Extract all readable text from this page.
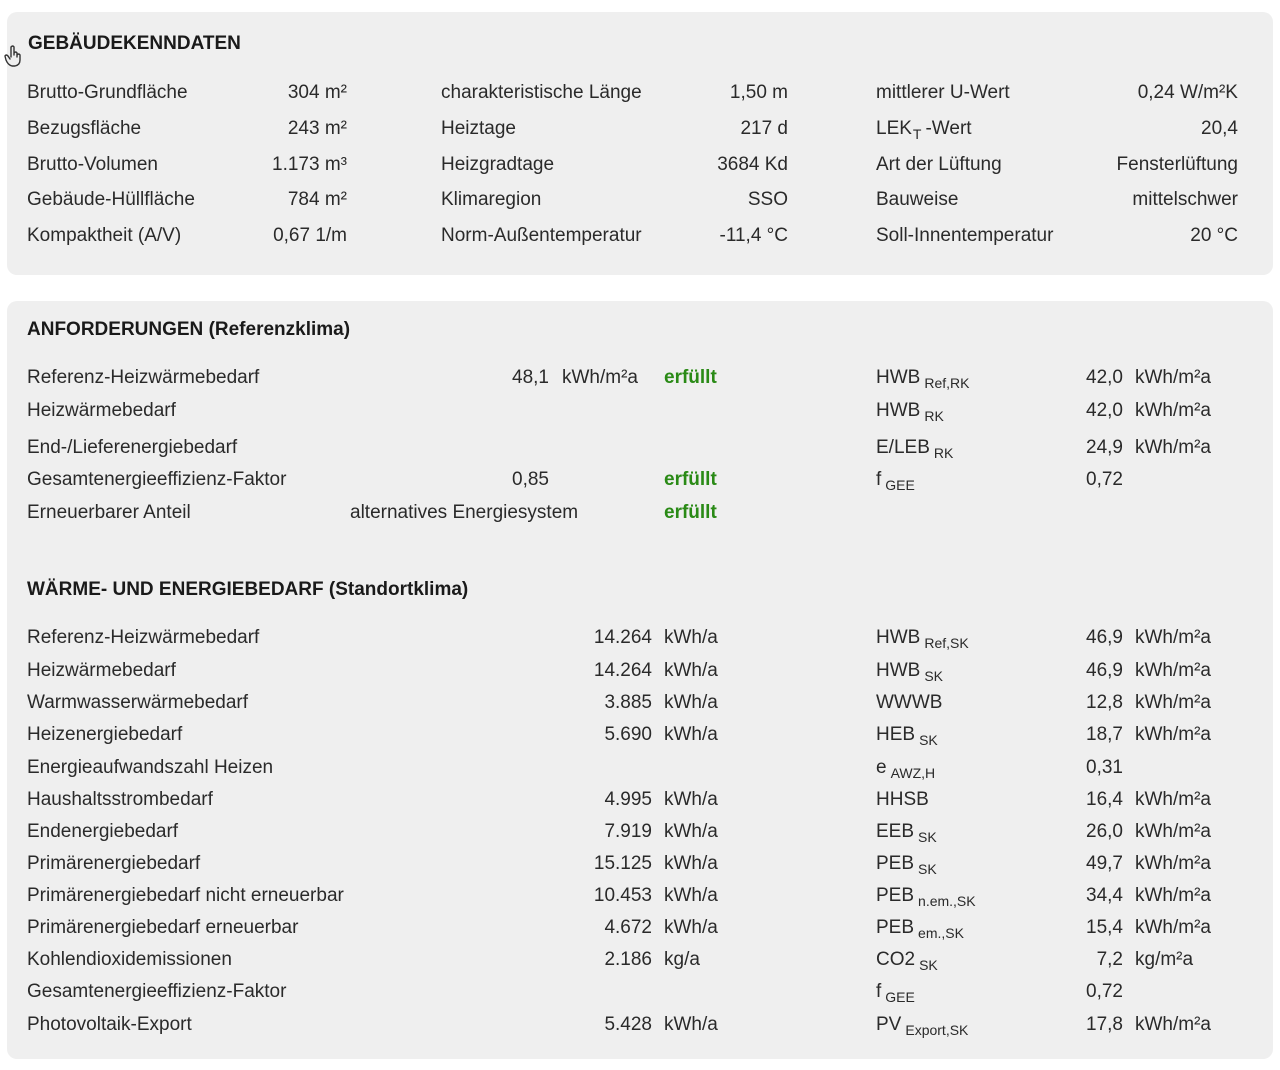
GEBÄUDEKENNDATEN
Brutto-Grundfläche	304 m²	charakteristische Länge	1,50 m	mittlerer U-Wert	0,24 W/m²K
Bezugsfläche	243 m²	Heiztage	217 d	$LEK_T$ -Wert	20,4
Brutto-Volumen	1.173 m³	Heizgradtage	3684 Kd	Art der Lüftung	Fensterlüftung
Gebäude-Hüllfläche	784 m²	Klimaregion	SSO	Bauweise	mittelschwer
Kompaktheit (A/V)	0,67 1/m	Norm-Außentemperatur	-11,4 °C	Soll-Innentemperatur	20 °C
ANFORDERUNGEN (Referenzklima)
Referenz-Heizwärmebedarf	48,1 kWh/m²a erfüllt	HWB $_{Ref,RK}$	42,0 kWh/m²a
Heizwärmebedarf	HWB $_{RK}$	42,0 kWh/m²a
End-/Lieferenergiebedarf	E/LEB $_{RK}$	24,9 kWh/m²a
Gesamtenergieeffizienz-Faktor	0,85	erfüllt	f $_{GEE}$	0,72
Erneuerbarer Anteil	alternatives Energiesystem	erfüllt
WÄRME- UND ENERGIEBEDARF (Standortklima)
Referenz-Heizwärmebedarf	14.264 kWh/a	HWB $_{Ref,SK}$	46,9 kWh/m²a
Heizwärmebedarf	14.264 kWh/a	HWB $_{SK}$	46,9 kWh/m²a
Warmwasserwärmebedarf	3.885 kWh/a	WWWB	12,8 kWh/m²a
Heizenergiebedarf	5.690 kWh/a	HEB $_{SK}$	18,7 kWh/m²a
Energieaufwandszahl Heizen	e $_{AWZ,H}$	0,31
Haushaltsstrombedarf	4.995 kWh/a	HHSB	16,4 kWh/m²a
Endenergiebedarf	7.919 kWh/a	EEB $_{SK}$	26,0 kWh/m²a
Primärenergiebedarf	15.125 kWh/a	PEB $_{SK}$	49,7 kWh/m²a
Primärenergiebedarf nicht erneuerbar	10.453 kWh/a	PEB $_{n.em.,SK}$	34,4 kWh/m²a
Primärenergiebedarf erneuerbar	4.672 kWh/a	PEB $_{em.,SK}$	15,4 kWh/m²a
Kohlendioxidemissionen	2.186 kg/a	CO2 $_{SK}$	7,2 kg/m²a
Gesamtenergieeffizienz-Faktor	f $_{GEE}$	0,72
Photovoltaik-Export	5.428 kWh/a	PV $_{Export,SK}$	17,8 kWh/m²a
